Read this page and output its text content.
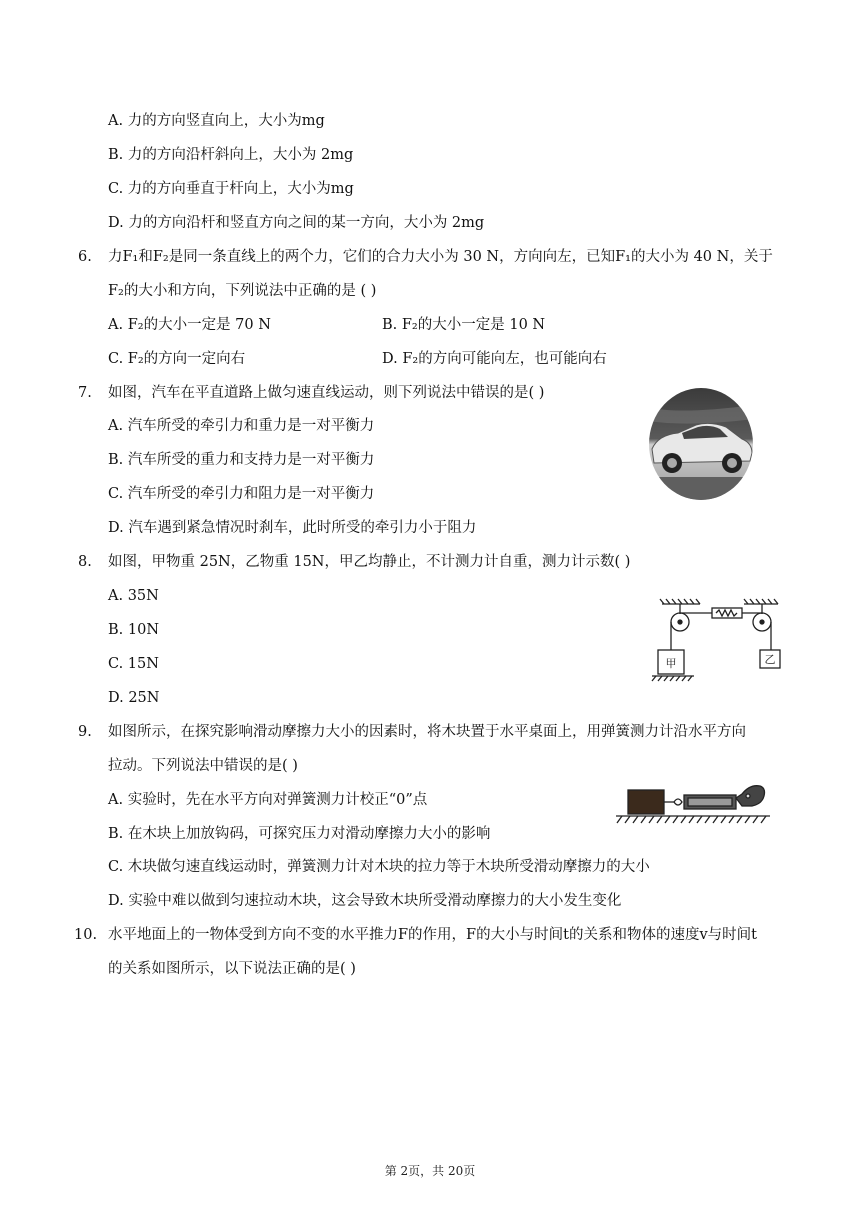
A. 力的方向竖直向上，大小为mg
B. 力的方向沿杆斜向上，大小为 2mg
C. 力的方向垂直于杆向上，大小为mg
D. 力的方向沿杆和竖直方向之间的某一方向，大小为 2mg
6. 力F₁和F₂是同一条直线上的两个力，它们的合力大小为 30 N，方向向左，已知F₁的大小为 40 N，关于
F₂的大小和方向，下列说法中正确的是 ( )
A. F₂的大小一定是 70 N	B. F₂的大小一定是 10 N
C. F₂的方向一定向右	D. F₂的方向可能向左，也可能向右
7. 如图，汽车在平直道路上做匀速直线运动，则下列说法中错误的是( )
A. 汽车所受的牵引力和重力是一对平衡力
B. 汽车所受的重力和支持力是一对平衡力
C. 汽车所受的牵引力和阻力是一对平衡力
D. 汽车遇到紧急情况时刹车，此时所受的牵引力小于阻力
8. 如图，甲物重 25N，乙物重 15N，甲乙均静止，不计测力计自重，测力计示数( )
A. 35N
B. 10N
C. 15N
D. 25N
甲	乙
9. 如图所示，在探究影响滑动摩擦力大小的因素时，将木块置于水平桌面上，用弹簧测力计沿水平方向
拉动。下列说法中错误的是( )
A. 实验时，先在水平方向对弹簧测力计校正“0”点
B. 在木块上加放钩码，可探究压力对滑动摩擦力大小的影响
C. 木块做匀速直线运动时，弹簧测力计对木块的拉力等于木块所受滑动摩擦力的大小
D. 实验中难以做到匀速拉动木块，这会导致木块所受滑动摩擦力的大小发生变化
10. 水平地面上的一物体受到方向不变的水平推力F的作用，F的大小与时间t的关系和物体的速度v与时间t
的关系如图所示，以下说法正确的是( )
第 2页，共 20页
